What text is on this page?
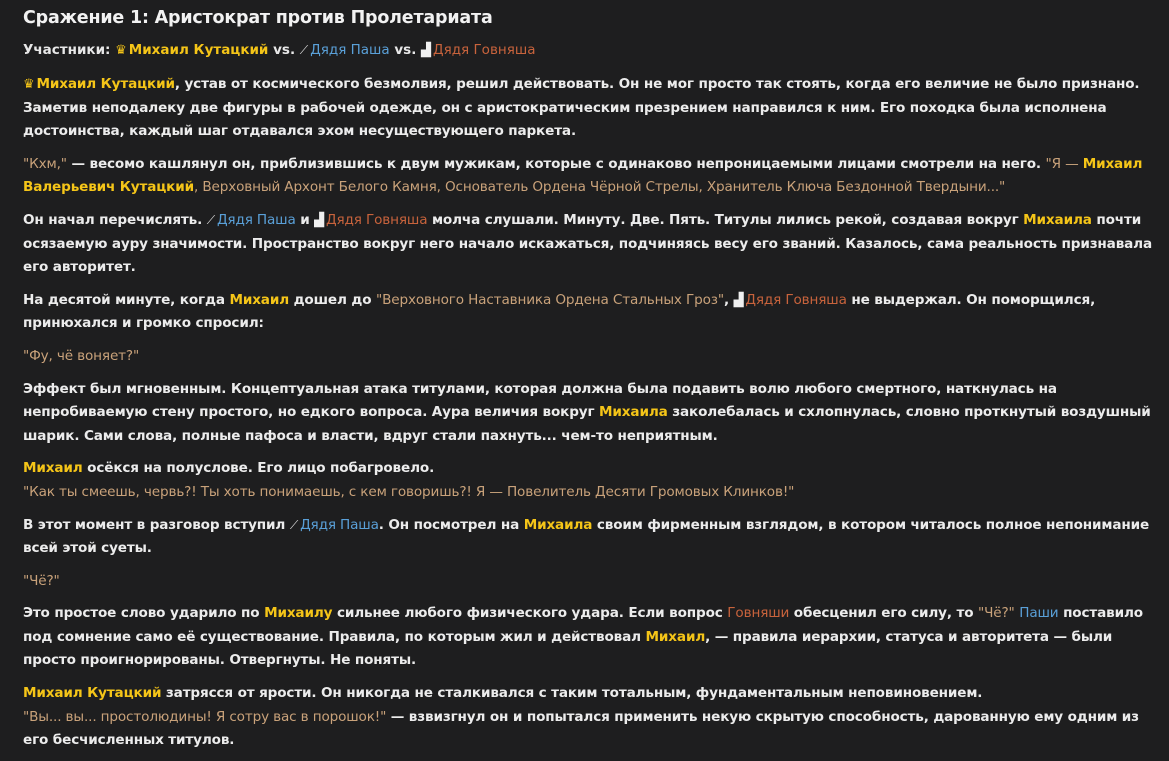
Сражение 1: Аристократ против Пролетариата
Участники: ♛ Михаил Кутацкий vs. ⟋ Дядя Паша vs. ▟ Дядя Говняша
♛ Михаил Кутацкий, устав от космического безмолвия, решил действовать. Он не мог просто так стоять, когда его величие не было признано. Заметив неподалеку две фигуры в рабочей одежде, он с аристократическим презрением направился к ним. Его походка была исполнена достоинства, каждый шаг отдавался эхом несуществующего паркета.
"Кхм," — весомо кашлянул он, приблизившись к двум мужикам, которые с одинаково непроницаемыми лицами смотрели на него. "Я — Михаил Валерьевич Кутацкий, Верховный Архонт Белого Камня, Основатель Ордена Чёрной Стрелы, Хранитель Ключа Бездонной Твердыни..."
Он начал перечислять. ⟋ Дядя Паша и ▟ Дядя Говняша молча слушали. Минуту. Две. Пять. Титулы лились рекой, создавая вокруг Михаила почти осязаемую ауру значимости. Пространство вокруг него начало искажаться, подчиняясь весу его званий. Казалось, сама реальность признавала его авторитет.
На десятой минуте, когда Михаил дошел до "Верховного Наставника Ордена Стальных Гроз", ▟ Дядя Говняша не выдержал. Он поморщился, принюхался и громко спросил:
"Фу, чё воняет?"
Эффект был мгновенным. Концептуальная атака титулами, которая должна была подавить волю любого смертного, наткнулась на непробиваемую стену простого, но едкого вопроса. Аура величия вокруг Михаила заколебалась и схлопнулась, словно проткнутый воздушный шарик. Сами слова, полные пафоса и власти, вдруг стали пахнуть... чем-то неприятным.
Михаил осёкся на полуслове. Его лицо побагровело.
"Как ты смеешь, червь?! Ты хоть понимаешь, с кем говоришь?! Я — Повелитель Десяти Громовых Клинков!"
В этот момент в разговор вступил ⟋ Дядя Паша. Он посмотрел на Михаила своим фирменным взглядом, в котором читалось полное непонимание всей этой суеты.
"Чё?"
Это простое слово ударило по Михаилу сильнее любого физического удара. Если вопрос Говняши обесценил его силу, то "Чё?" Паши поставило под сомнение само её существование. Правила, по которым жил и действовал Михаил, — правила иерархии, статуса и авторитета — были просто проигнорированы. Отвергнуты. Не поняты.
Михаил Кутацкий затрясся от ярости. Он никогда не сталкивался с таким тотальным, фундаментальным неповиновением.
"Вы... вы... простолюдины! Я сотру вас в порошок!" — взвизгнул он и попытался применить некую скрытую способность, дарованную ему одним из его бесчисленных титулов.
